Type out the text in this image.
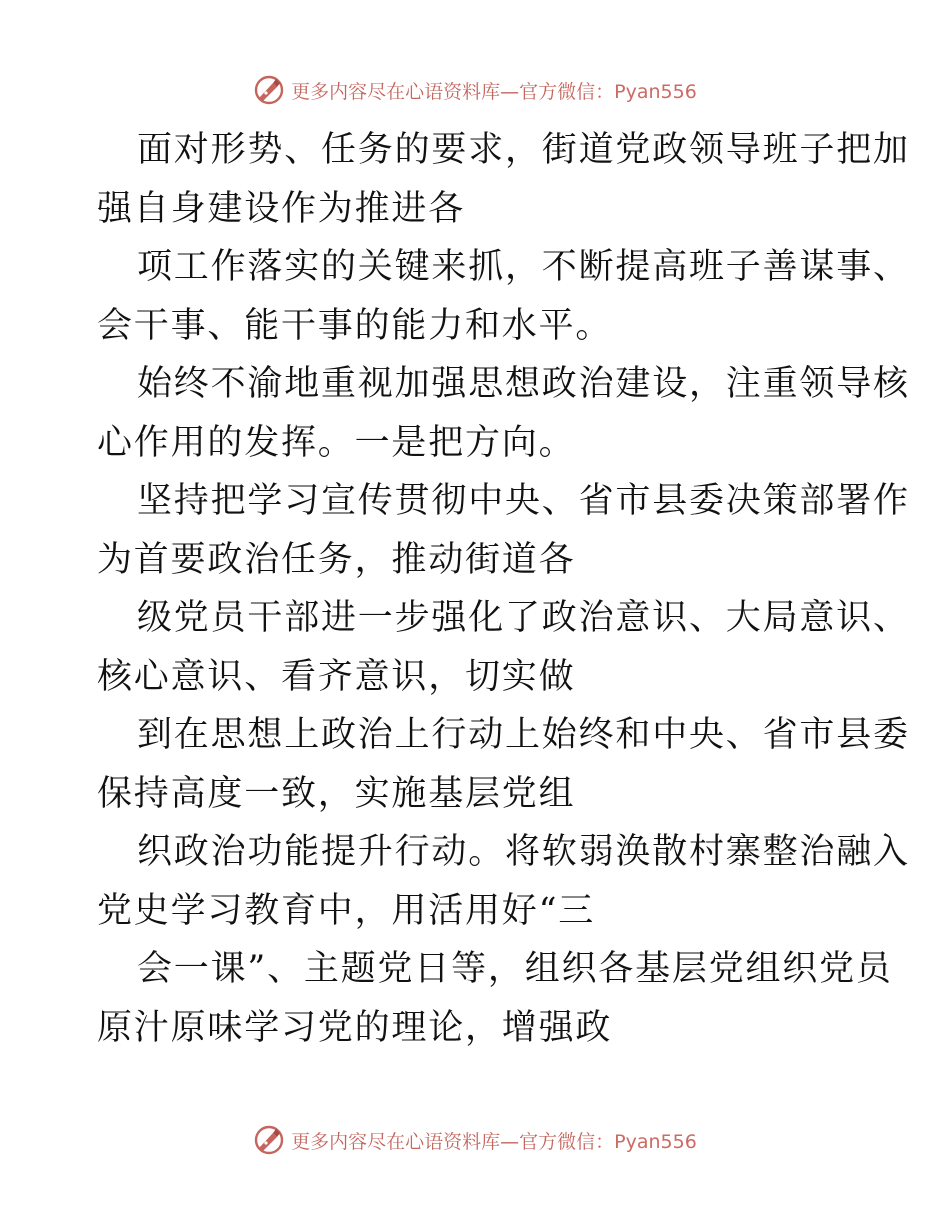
更多内容尽在心语资料库—官方微信：Pyan556

面对形势、任务的要求，街道党政领导班子把加

强自身建设作为推进各

项工作落实的关键来抓，不断提高班子善谋事、

会干事、能干事的能力和水平。

始终不渝地重视加强思想政治建设，注重领导核

心作用的发挥。一是把方向。

坚持把学习宣传贯彻中央、省市县委决策部署作

为首要政治任务，推动街道各

级党员干部进一步强化了政治意识、大局意识、

核心意识、看齐意识，切实做

到在思想上政治上行动上始终和中央、省市县委

保持高度一致，实施基层党组

织政治功能提升行动。将软弱涣散村寨整治融入

党史学习教育中，用活用好“三

会一课”、主题党日等，组织各基层党组织党员

原汁原味学习党的理论，增强政

更多内容尽在心语资料库—官方微信：Pyan556
